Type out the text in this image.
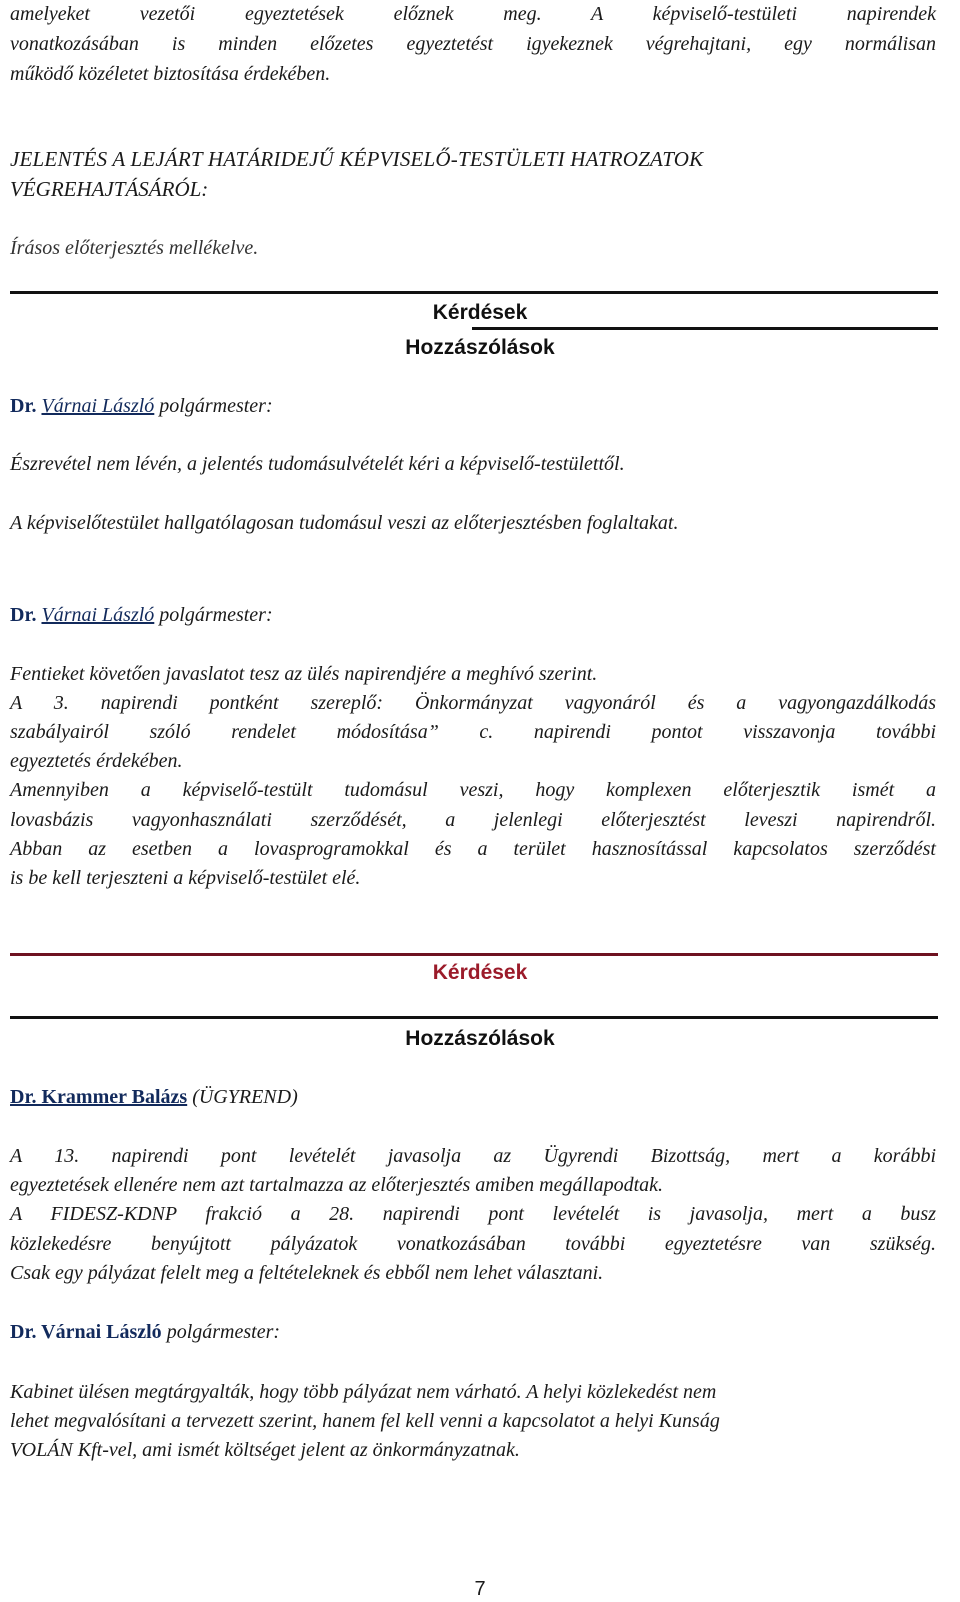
amelyeket vezetői egyeztetések előznek meg. A képviselő-testületi napirendek
vonatkozásában is minden előzetes egyeztetést igyekeznek végrehajtani, egy normálisan
működő közéletet biztosítása érdekében.
JELENTÉS A LEJÁRT HATÁRIDEJŰ KÉPVISELŐ-TESTÜLETI HATROZATOK
VÉGREHAJTÁSÁRÓL:
Írásos előterjesztés mellékelve.
Kérdések
Hozzászólások
Dr. Várnai László polgármester:
Észrevétel nem lévén, a jelentés tudomásulvételét kéri a képviselő-testülettől.
A képviselőtestület hallgatólagosan tudomásul veszi az előterjesztésben foglaltakat.
Dr. Várnai László polgármester:
Fentieket követően javaslatot tesz az ülés napirendjére a meghívó szerint.
A 3. napirendi pontként szereplő: Önkormányzat vagyonáról és a vagyongazdálkodás
szabályairól szóló rendelet módosítása” c. napirendi pontot visszavonja további
egyeztetés érdekében.
Amennyiben a képviselő-testült tudomásul veszi, hogy komplexen előterjesztik ismét a
lovasbázis vagyonhasználati szerződését, a jelenlegi előterjesztést leveszi napirendről.
Abban az esetben a lovasprogramokkal és a terület hasznosítással kapcsolatos szerződést
is be kell terjeszteni a képviselő-testület elé.
Kérdések
Hozzászólások
Dr. Krammer Balázs (ÜGYREND)
A 13. napirendi pont levételét javasolja az Ügyrendi Bizottság, mert a korábbi
egyeztetések ellenére nem azt tartalmazza az előterjesztés amiben megállapodtak.
A FIDESZ-KDNP frakció a 28. napirendi pont levételét is javasolja, mert a busz
közlekedésre benyújtott pályázatok vonatkozásában további egyeztetésre van szükség.
Csak egy pályázat felelt meg a feltételeknek és ebből nem lehet választani.
Dr. Várnai László polgármester:
Kabinet ülésen megtárgyalták, hogy több pályázat nem várható. A helyi közlekedést nem
lehet megvalósítani a tervezett szerint, hanem fel kell venni a kapcsolatot a helyi Kunság
VOLÁN Kft-vel, ami ismét költséget jelent az önkormányzatnak.
7
